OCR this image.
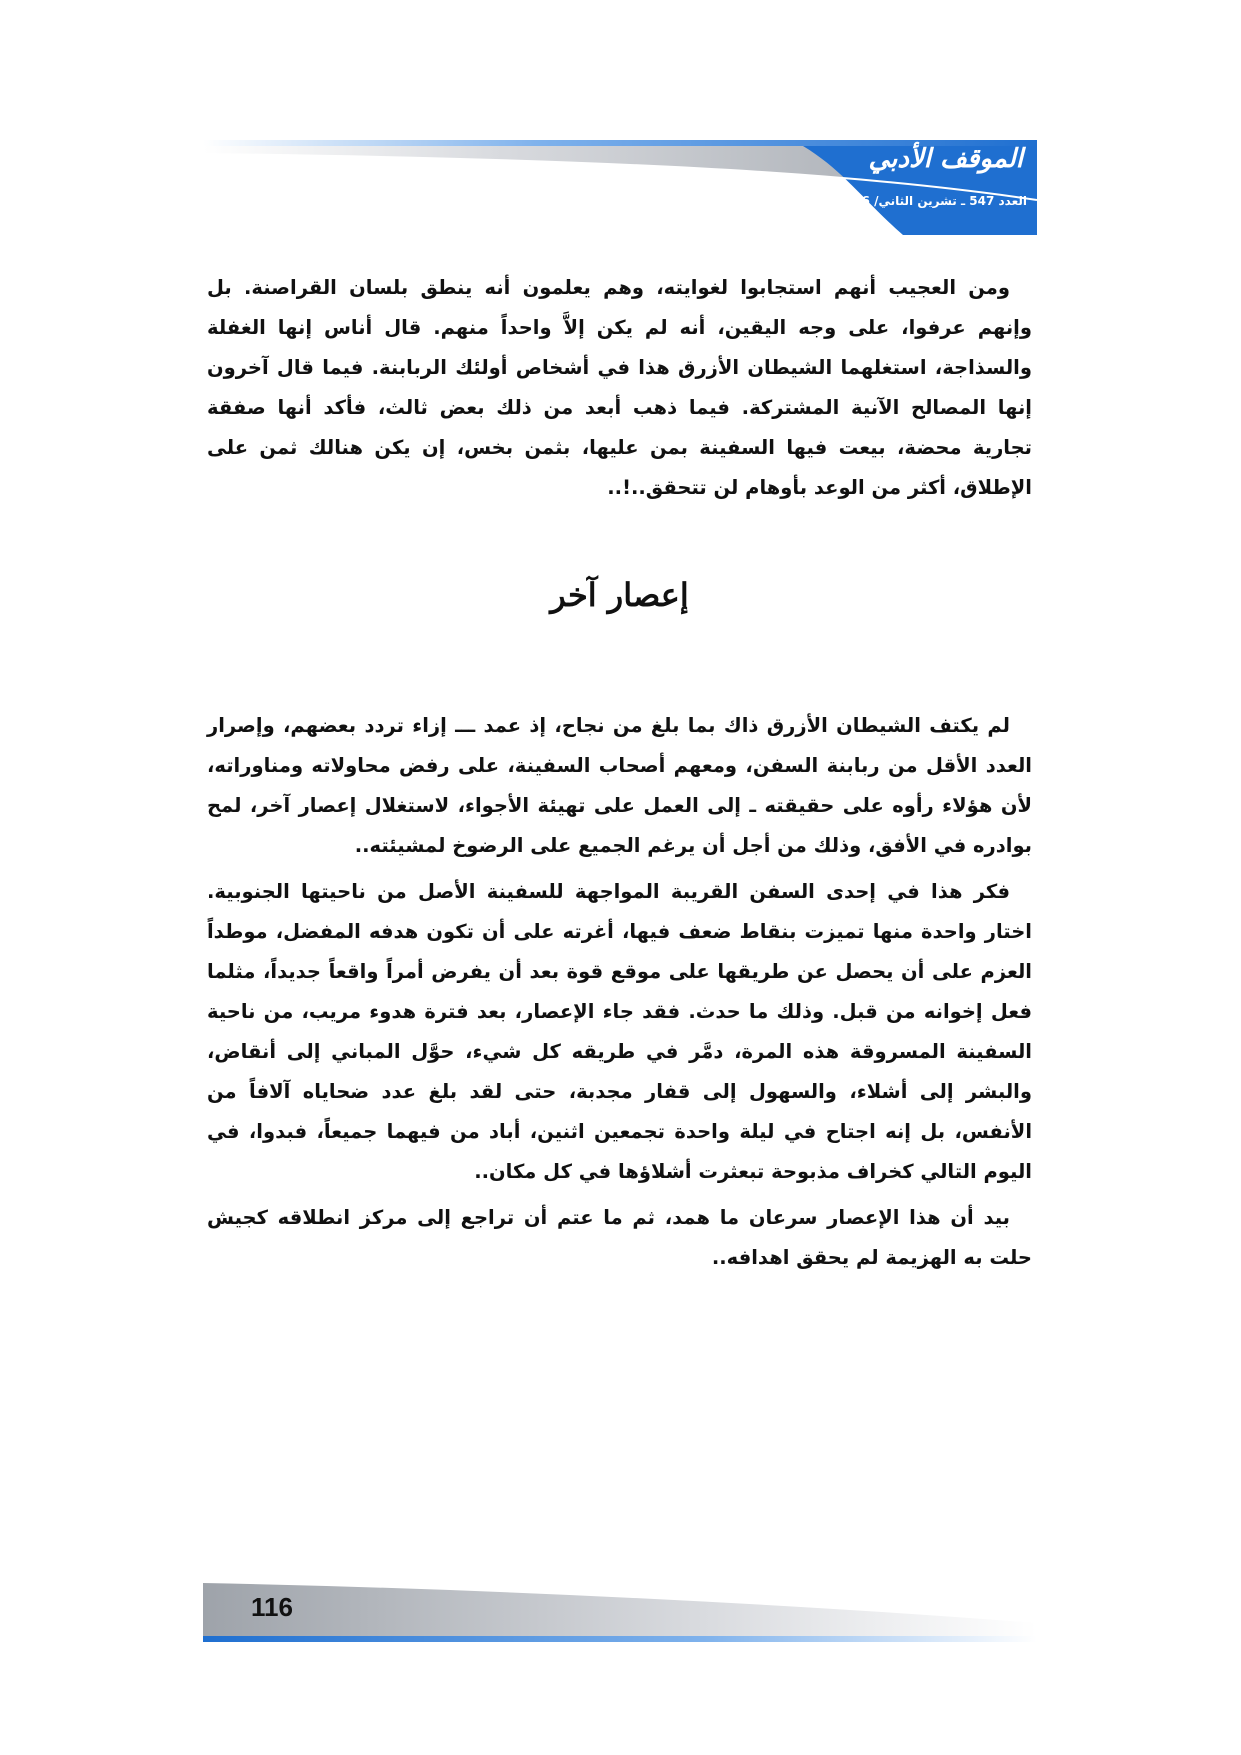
الموقف الأدبي
العدد 547 ـ تشرين الثاني/ 2016

ومن العجيب أنهم استجابوا لغوايته، وهم يعلمون أنه ينطق بلسان القراصنة. بل وإنهم عرفوا، على وجه اليقين، أنه لم يكن إلاَّ واحداً منهم. قال أناس إنها الغفلة والسذاجة، استغلهما الشيطان الأزرق هذا في أشخاص أولئك الربابنة. فيما قال آخرون إنها المصالح الآنية المشتركة. فيما ذهب أبعد من ذلك بعض ثالث، فأكد أنها صفقة تجارية محضة، بيعت فيها السفينة بمن عليها، بثمن بخس، إن يكن هنالك ثمن على الإطلاق، أكثر من الوعد بأوهام لن تتحقق..!..

إعصار آخر

لم يكتف الشيطان الأزرق ذاك بما بلغ من نجاح، إذ عمد ـــ إزاء تردد بعضهم، وإصرار العدد الأقل من ربابنة السفن، ومعهم أصحاب السفينة، على رفض محاولاته ومناوراته، لأن هؤلاء رأوه على حقيقته ـ إلى العمل على تهيئة الأجواء، لاستغلال إعصار آخر، لمح بوادره في الأفق، وذلك من أجل أن يرغم الجميع على الرضوخ لمشيئته..

فكر هذا في إحدى السفن القريبة المواجهة للسفينة الأصل من ناحيتها الجنوبية. اختار واحدة منها تميزت بنقاط ضعف فيها، أغرته على أن تكون هدفه المفضل، موطداً العزم على أن يحصل عن طريقها على موقع قوة بعد أن يفرض أمراً واقعاً جديداً، مثلما فعل إخوانه من قبل. وذلك ما حدث. فقد جاء الإعصار، بعد فترة هدوء مريب، من ناحية السفينة المسروقة هذه المرة، دمَّر في طريقه كل شيء، حوَّل المباني إلى أنقاض، والبشر إلى أشلاء، والسهول إلى قفار مجدبة، حتى لقد بلغ عدد ضحاياه آلافاً من الأنفس، بل إنه اجتاح في ليلة واحدة تجمعين اثنين، أباد من فيهما جميعاً، فبدوا، في اليوم التالي كخراف مذبوحة تبعثرت أشلاؤها في كل مكان..

بيد أن هذا الإعصار سرعان ما همد، ثم ما عتم أن تراجع إلى مركز انطلاقه كجيش حلت به الهزيمة لم يحقق اهدافه..

116
